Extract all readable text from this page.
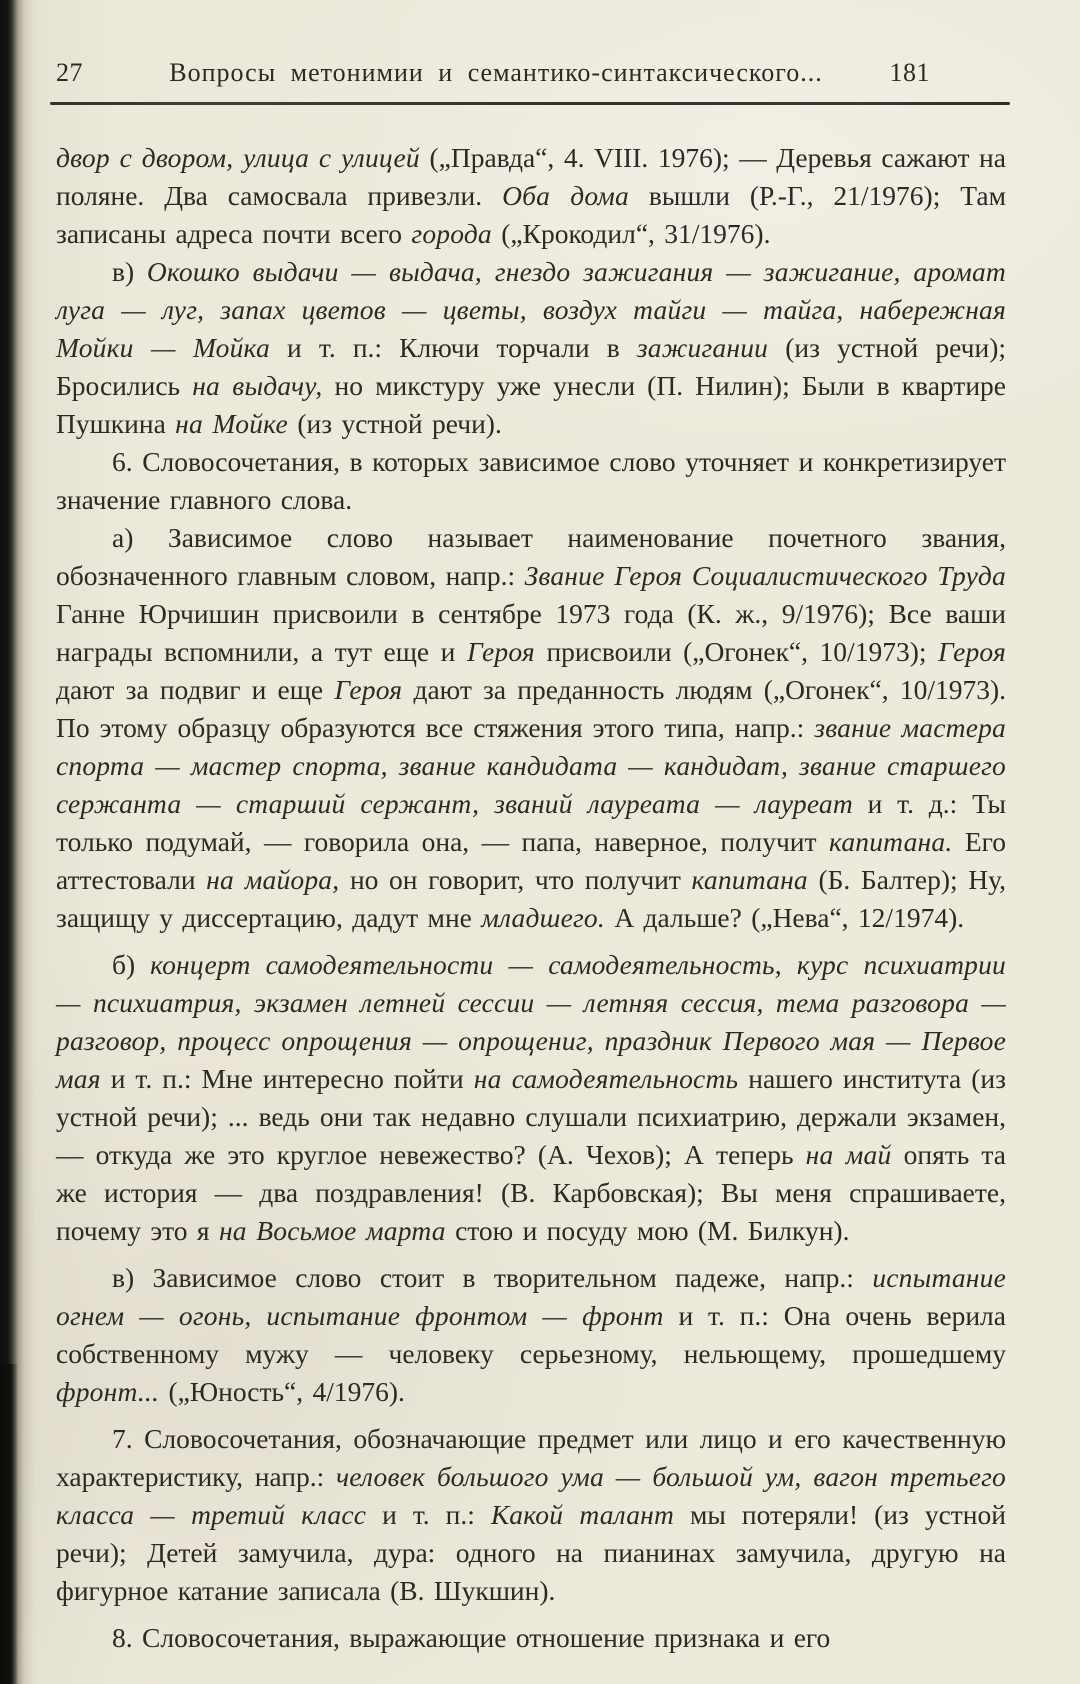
27	Вопросы метонимии и семантико-синтаксического...	181

двор с двором, улица с улицей („Правда“, 4. VIII. 1976); — Деревья сажают на поляне. Два самосвала привезли. Оба дома вышли (Р.-Г., 21/1976); Там записаны адреса почти всего города („Крокодил“, 31/1976).

в) Окошко выдачи — выдача, гнездо зажигания — зажигание, аромат луга — луг, запах цветов — цветы, воздух тайги — тайга, набережная Мойки — Мойка и т. п.: Ключи торчали в зажигании (из устной речи); Бросились на выдачу, но микстуру уже унесли (П. Нилин); Были в квартире Пушкина на Мойке (из устной речи).

6. Словосочетания, в которых зависимое слово уточняет и конкретизирует значение главного слова.

а) Зависимое слово называет наименование почетного звания, обозначенного главным словом, напр.: Звание Героя Социалистического Труда Ганне Юрчишин присвоили в сентябре 1973 года (К. ж., 9/1976); Все ваши награды вспомнили, а тут еще и Героя присвоили („Огонек“, 10/1973); Героя дают за подвиг и еще Героя дают за преданность людям („Огонек“, 10/1973). По этому образцу образуются все стяжения этого типа, напр.: звание мастера спорта — мастер спорта, звание кандидата — кандидат, звание старшего сержанта — старший сержант, званий лауреата — лауреат и т. д.: Ты только подумай, — говорила она, — папа, наверное, получит капитана. Его аттестовали на майора, но он говорит, что получит капитана (Б. Балтер); Ну, защищу у диссертацию, дадут мне младшего. А дальше? („Нева“, 12/1974).

б) концерт самодеятельности — самодеятельность, курс психиатрии — психиатрия, экзамен летней сессии — летняя сессия, тема разговора — разговор, процесс опрощения — опрощениг, праздник Первого мая — Первое мая и т. п.: Мне интересно пойти на самодеятельность нашего института (из устной речи); ... ведь они так недавно слушали психиатрию, держали экзамен, — откуда же это круглое невежество? (А. Чехов); А теперь на май опять та же история — два поздравления! (В. Карбовская); Вы меня спрашиваете, почему это я на Восьмое марта стою и посуду мою (М. Билкун).

в) Зависимое слово стоит в творительном падеже, напр.: испытание огнем — огонь, испытание фронтом — фронт и т. п.: Она очень верила собственному мужу — человеку серьезному, нельющему, прошедшему фронт... („Юность“, 4/1976).

7. Словосочетания, обозначающие предмет или лицо и его качественную характеристику, напр.: человек большого ума — большой ум, вагон третьего класса — третий класс и т. п.: Какой талант мы потеряли! (из устной речи); Детей замучила, дура: одного на пианинах замучила, другую на фигурное катание записала (В. Шукшин).

8. Словосочетания, выражающие отношение признака и его
